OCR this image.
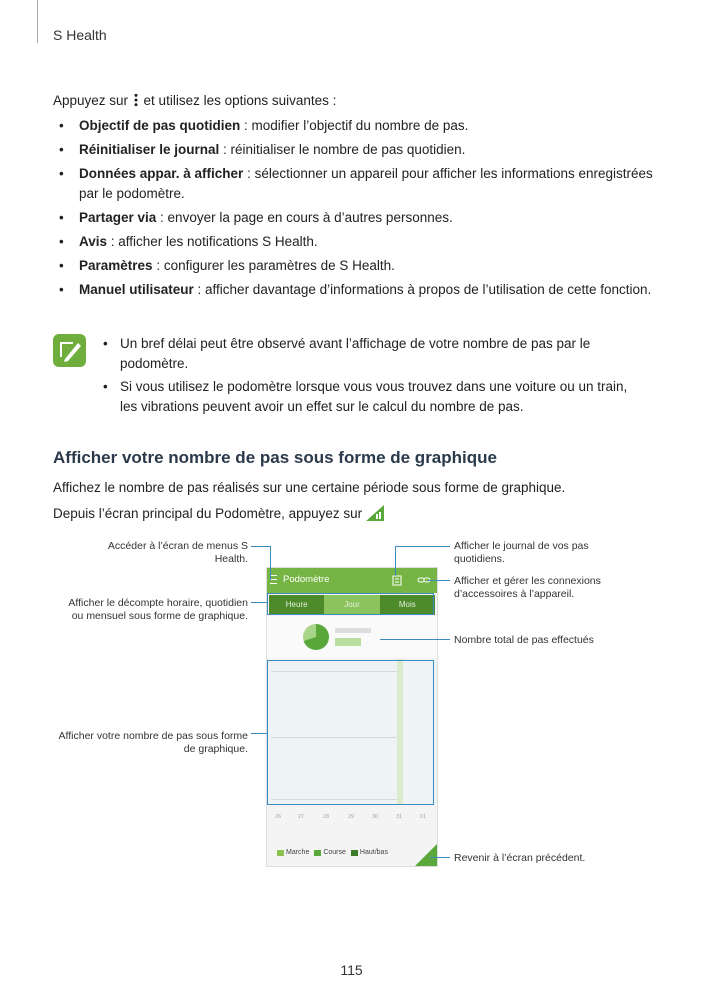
S Health
Appuyez sur  et utilisez les options suivantes :
• Objectif de pas quotidien : modifier l’objectif du nombre de pas.
• Réinitialiser le journal : réinitialiser le nombre de pas quotidien.
• Données appar. à afficher : sélectionner un appareil pour afficher les informations enregistrées par le podomètre.
• Partager via : envoyer la page en cours à d’autres personnes.
• Avis : afficher les notifications S Health.
• Paramètres : configurer les paramètres de S Health.
• Manuel utilisateur : afficher davantage d’informations à propos de l’utilisation de cette fonction.
• Un bref délai peut être observé avant l’affichage de votre nombre de pas par le podomètre.
• Si vous utilisez le podomètre lorsque vous vous trouvez dans une voiture ou un train, les vibrations peuvent avoir un effet sur le calcul du nombre de pas.
Afficher votre nombre de pas sous forme de graphique
Affichez le nombre de pas réalisés sur une certaine période sous forme de graphique.
Depuis l’écran principal du Podomètre, appuyez sur
Podomètre
Heure	Jour	Mois
26	27	28	29	30	31	01
Marche Course Haut/bas
Accéder à l’écran de menus S Health.
Afficher le décompte horaire, quotidien ou mensuel sous forme de graphique.
Afficher votre nombre de pas sous forme de graphique.
Afficher le journal de vos pas quotidiens.
Afficher et gérer les connexions d’accessoires à l’appareil.
Nombre total de pas effectués
Revenir à l’écran précédent.
115
